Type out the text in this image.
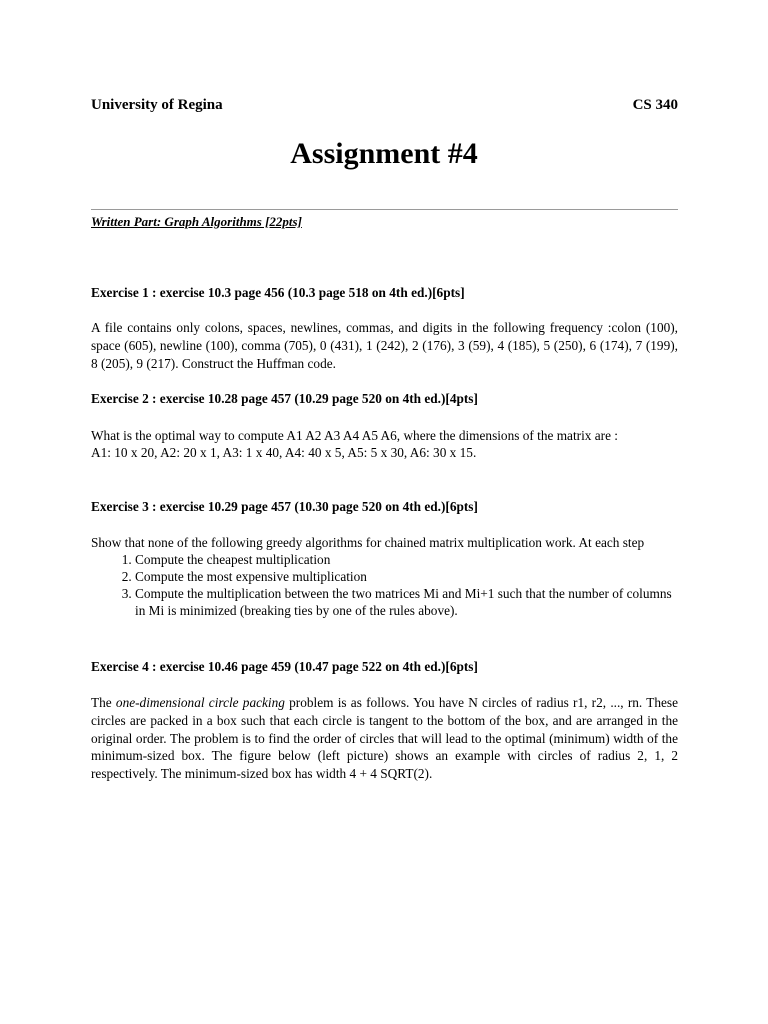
University of Regina	CS 340
Assignment #4
Written Part: Graph Algorithms [22pts]
Exercise 1 : exercise 10.3 page 456 (10.3 page 518 on 4th ed.)[6pts]
A file contains only colons, spaces, newlines, commas, and digits in the following frequency :colon (100), space (605), newline (100), comma (705), 0 (431), 1 (242), 2 (176), 3 (59), 4 (185), 5 (250), 6 (174), 7 (199), 8 (205), 9 (217). Construct the Huffman code.
Exercise 2 : exercise 10.28 page 457 (10.29 page 520 on 4th ed.)[4pts]
What is the optimal way to compute A1 A2 A3 A4 A5 A6, where the dimensions of the matrix are :
A1: 10 x 20, A2: 20 x 1, A3: 1 x 40, A4: 40 x 5, A5: 5 x 30, A6: 30 x 15.
Exercise 3 : exercise 10.29 page 457 (10.30 page 520 on 4th ed.)[6pts]
Show that none of the following greedy algorithms for chained matrix multiplication work. At each step
1. Compute the cheapest multiplication
2. Compute the most expensive multiplication
3. Compute the multiplication between the two matrices Mi and Mi+1 such that the number of columns in Mi is minimized (breaking ties by one of the rules above).
Exercise 4 : exercise 10.46 page 459 (10.47 page 522 on 4th ed.)[6pts]
The one-dimensional circle packing problem is as follows. You have N circles of radius r1, r2, ..., rn. These circles are packed in a box such that each circle is tangent to the bottom of the box, and are arranged in the original order. The problem is to find the order of circles that will lead to the optimal (minimum) width of the minimum-sized box. The figure below (left picture) shows an example with circles of radius 2, 1, 2 respectively. The minimum-sized box has width 4 + 4 SQRT(2).
